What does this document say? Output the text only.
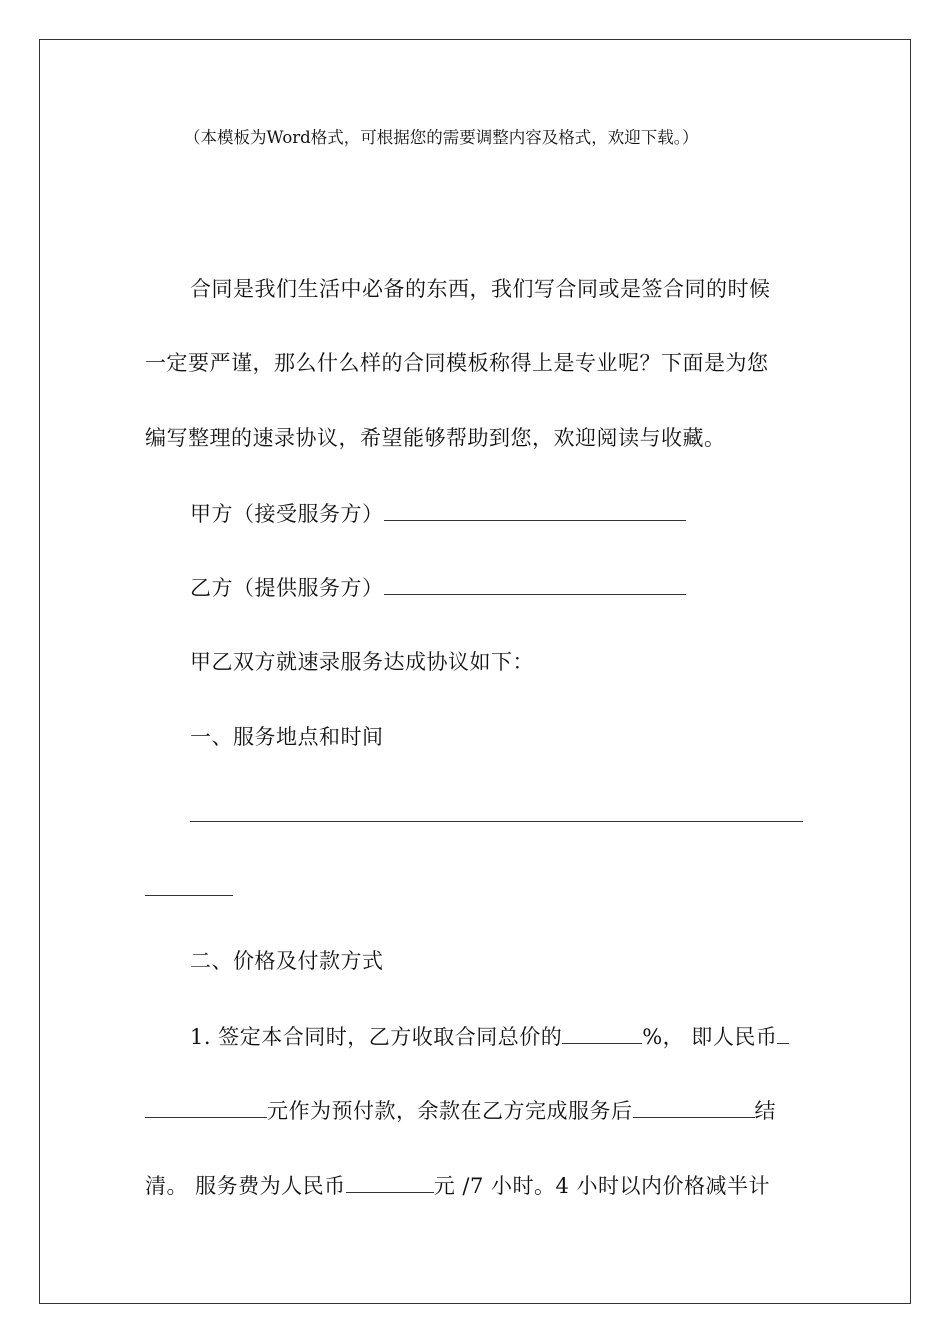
（本模板为Word格式，可根据您的需要调整内容及格式，欢迎下载。）
合同是我们生活中必备的东西，我们写合同或是签合同的时候
一定要严谨，那么什么样的合同模板称得上是专业呢？下面是为您
编写整理的速录协议，希望能够帮助到您，欢迎阅读与收藏。
甲方（接受服务方）
乙方（提供服务方）
甲乙双方就速录服务达成协议如下：
一、服务地点和时间
二、价格及付款方式
1. 签定本合同时，乙方收取合同总价的	%， 即人民币
元作为预付款，余款在乙方完成服务后	结
清。 服务费为人民币	元 /7 小时。4 小时以内价格减半计
